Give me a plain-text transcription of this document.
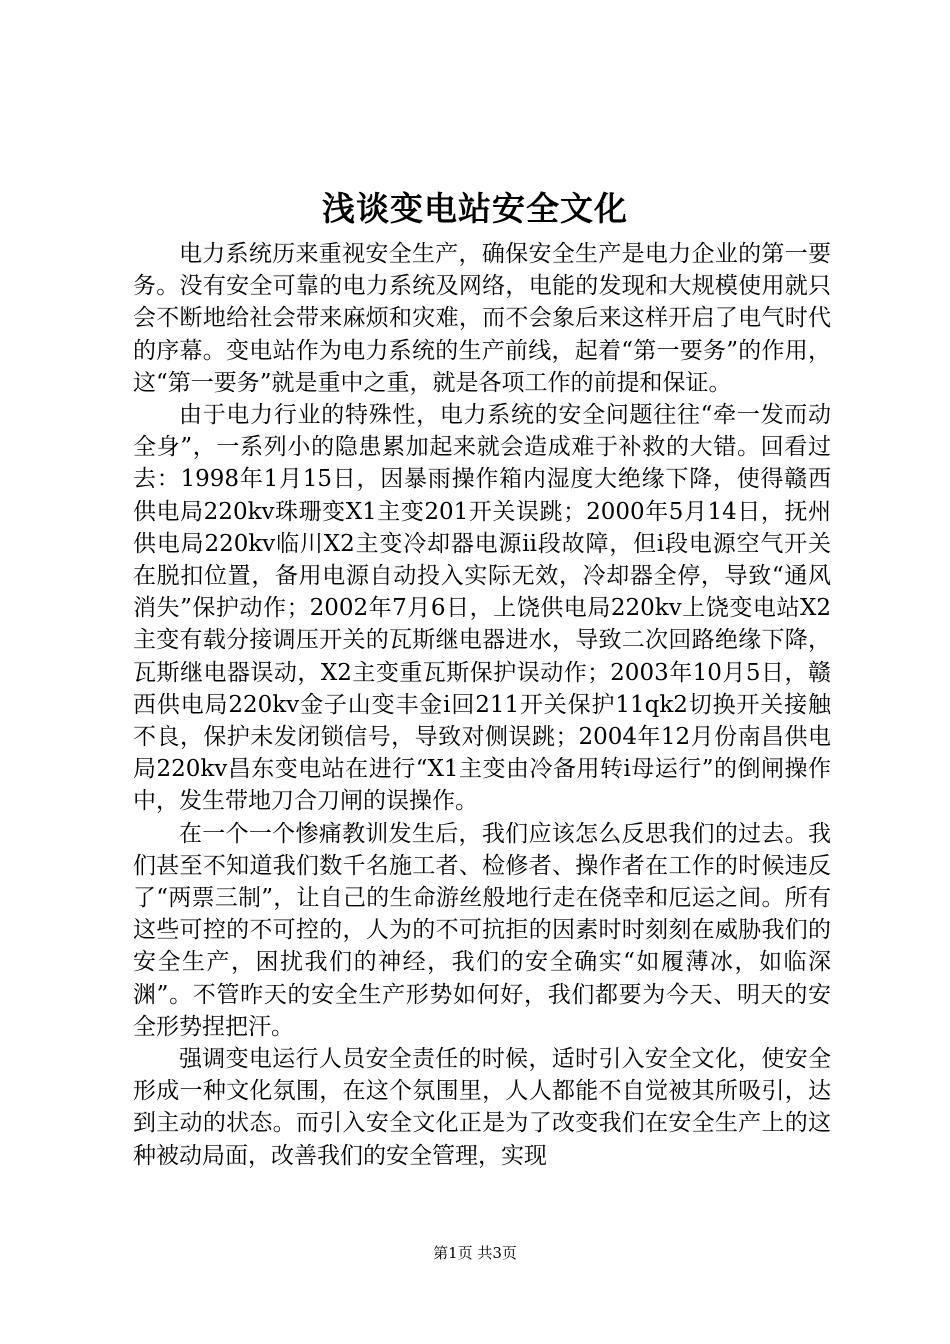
浅谈变电站安全文化

电力系统历来重视安全生产，确保安全生产是电力企业的第一要务。没有安全可靠的电力系统及网络，电能的发现和大规模使用就只会不断地给社会带来麻烦和灾难，而不会象后来这样开启了电气时代的序幕。变电站作为电力系统的生产前线，起着“第一要务”的作用，这“第一要务”就是重中之重，就是各项工作的前提和保证。

由于电力行业的特殊性，电力系统的安全问题往往“牵一发而动全身”，一系列小的隐患累加起来就会造成难于补救的大错。回看过去：1998年1月15日，因暴雨操作箱内湿度大绝缘下降，使得赣西供电局220kv珠珊变X1主变201开关误跳；2000年5月14日，抚州供电局220kv临川X2主变冷却器电源ⅱ段故障，但ⅰ段电源空气开关在脱扣位置，备用电源自动投入实际无效，冷却器全停，导致“通风消失”保护动作；2002年7月6日，上饶供电局220kv上饶变电站X2主变有载分接调压开关的瓦斯继电器进水，导致二次回路绝缘下降，瓦斯继电器误动，X2主变重瓦斯保护误动作；2003年10月5日，赣西供电局220kv金子山变丰金ⅰ回211开关保护11qk2切换开关接触不良，保护未发闭锁信号，导致对侧误跳；2004年12月份南昌供电局220kv昌东变电站在进行“X1主变由冷备用转ⅰ母运行”的倒闸操作中，发生带地刀合刀闸的误操作。

在一个一个惨痛教训发生后，我们应该怎么反思我们的过去。我们甚至不知道我们数千名施工者、检修者、操作者在工作的时候违反了“两票三制”，让自己的生命游丝般地行走在侥幸和厄运之间。所有这些可控的不可控的，人为的不可抗拒的因素时时刻刻在威胁我们的安全生产，困扰我们的神经，我们的安全确实“如履薄冰，如临深渊”。不管昨天的安全生产形势如何好，我们都要为今天、明天的安全形势捏把汗。

强调变电运行人员安全责任的时候，适时引入安全文化，使安全形成一种文化氛围，在这个氛围里，人人都能不自觉被其所吸引，达到主动的状态。而引入安全文化正是为了改变我们在安全生产上的这种被动局面，改善我们的安全管理，实现

第1页 共3页
